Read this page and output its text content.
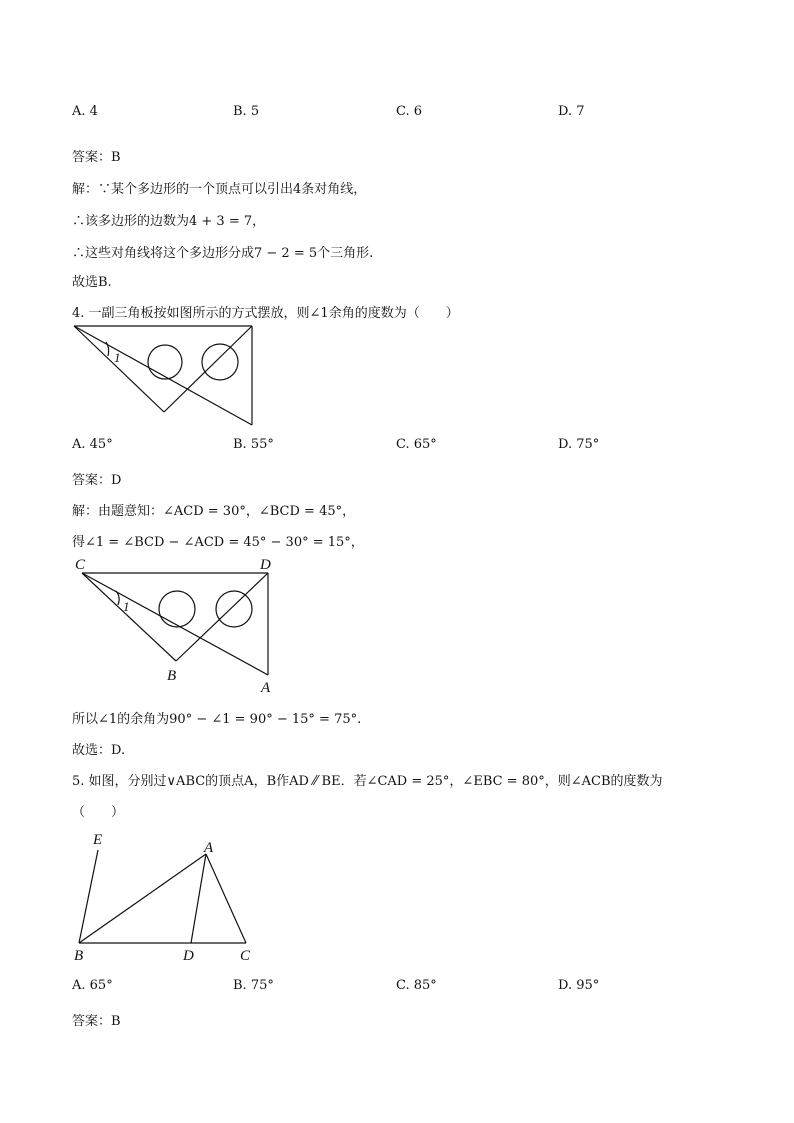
A. 4	B. 5	C. 6	D. 7
答案：B
解：∵某个多边形的一个顶点可以引出4条对角线，
∴该多边形的边数为4 + 3 = 7，
∴这些对角线将这个多边形分成7 − 2 = 5个三角形.
故选B.
4. 一副三角板按如图所示的方式摆放，则∠1余角的度数为（　　）
1
A. 45°	B. 55°	C. 65°	D. 75°
答案：D
解：由题意知：∠ACD = 30°，∠BCD = 45°，
得∠1 = ∠BCD − ∠ACD = 45° − 30° = 15°，
C	D
B
A
1
所以∠1的余角为90° − ∠1 = 90° − 15° = 75°.
故选：D.
5. 如图，分别过∨ABC的顶点A，B作AD ⁄⁄ BE．若∠CAD = 25°，∠EBC = 80°，则∠ACB的度数为
（　　）
E	A
B	D	C
A. 65°	B. 75°	C. 85°	D. 95°
答案：B
